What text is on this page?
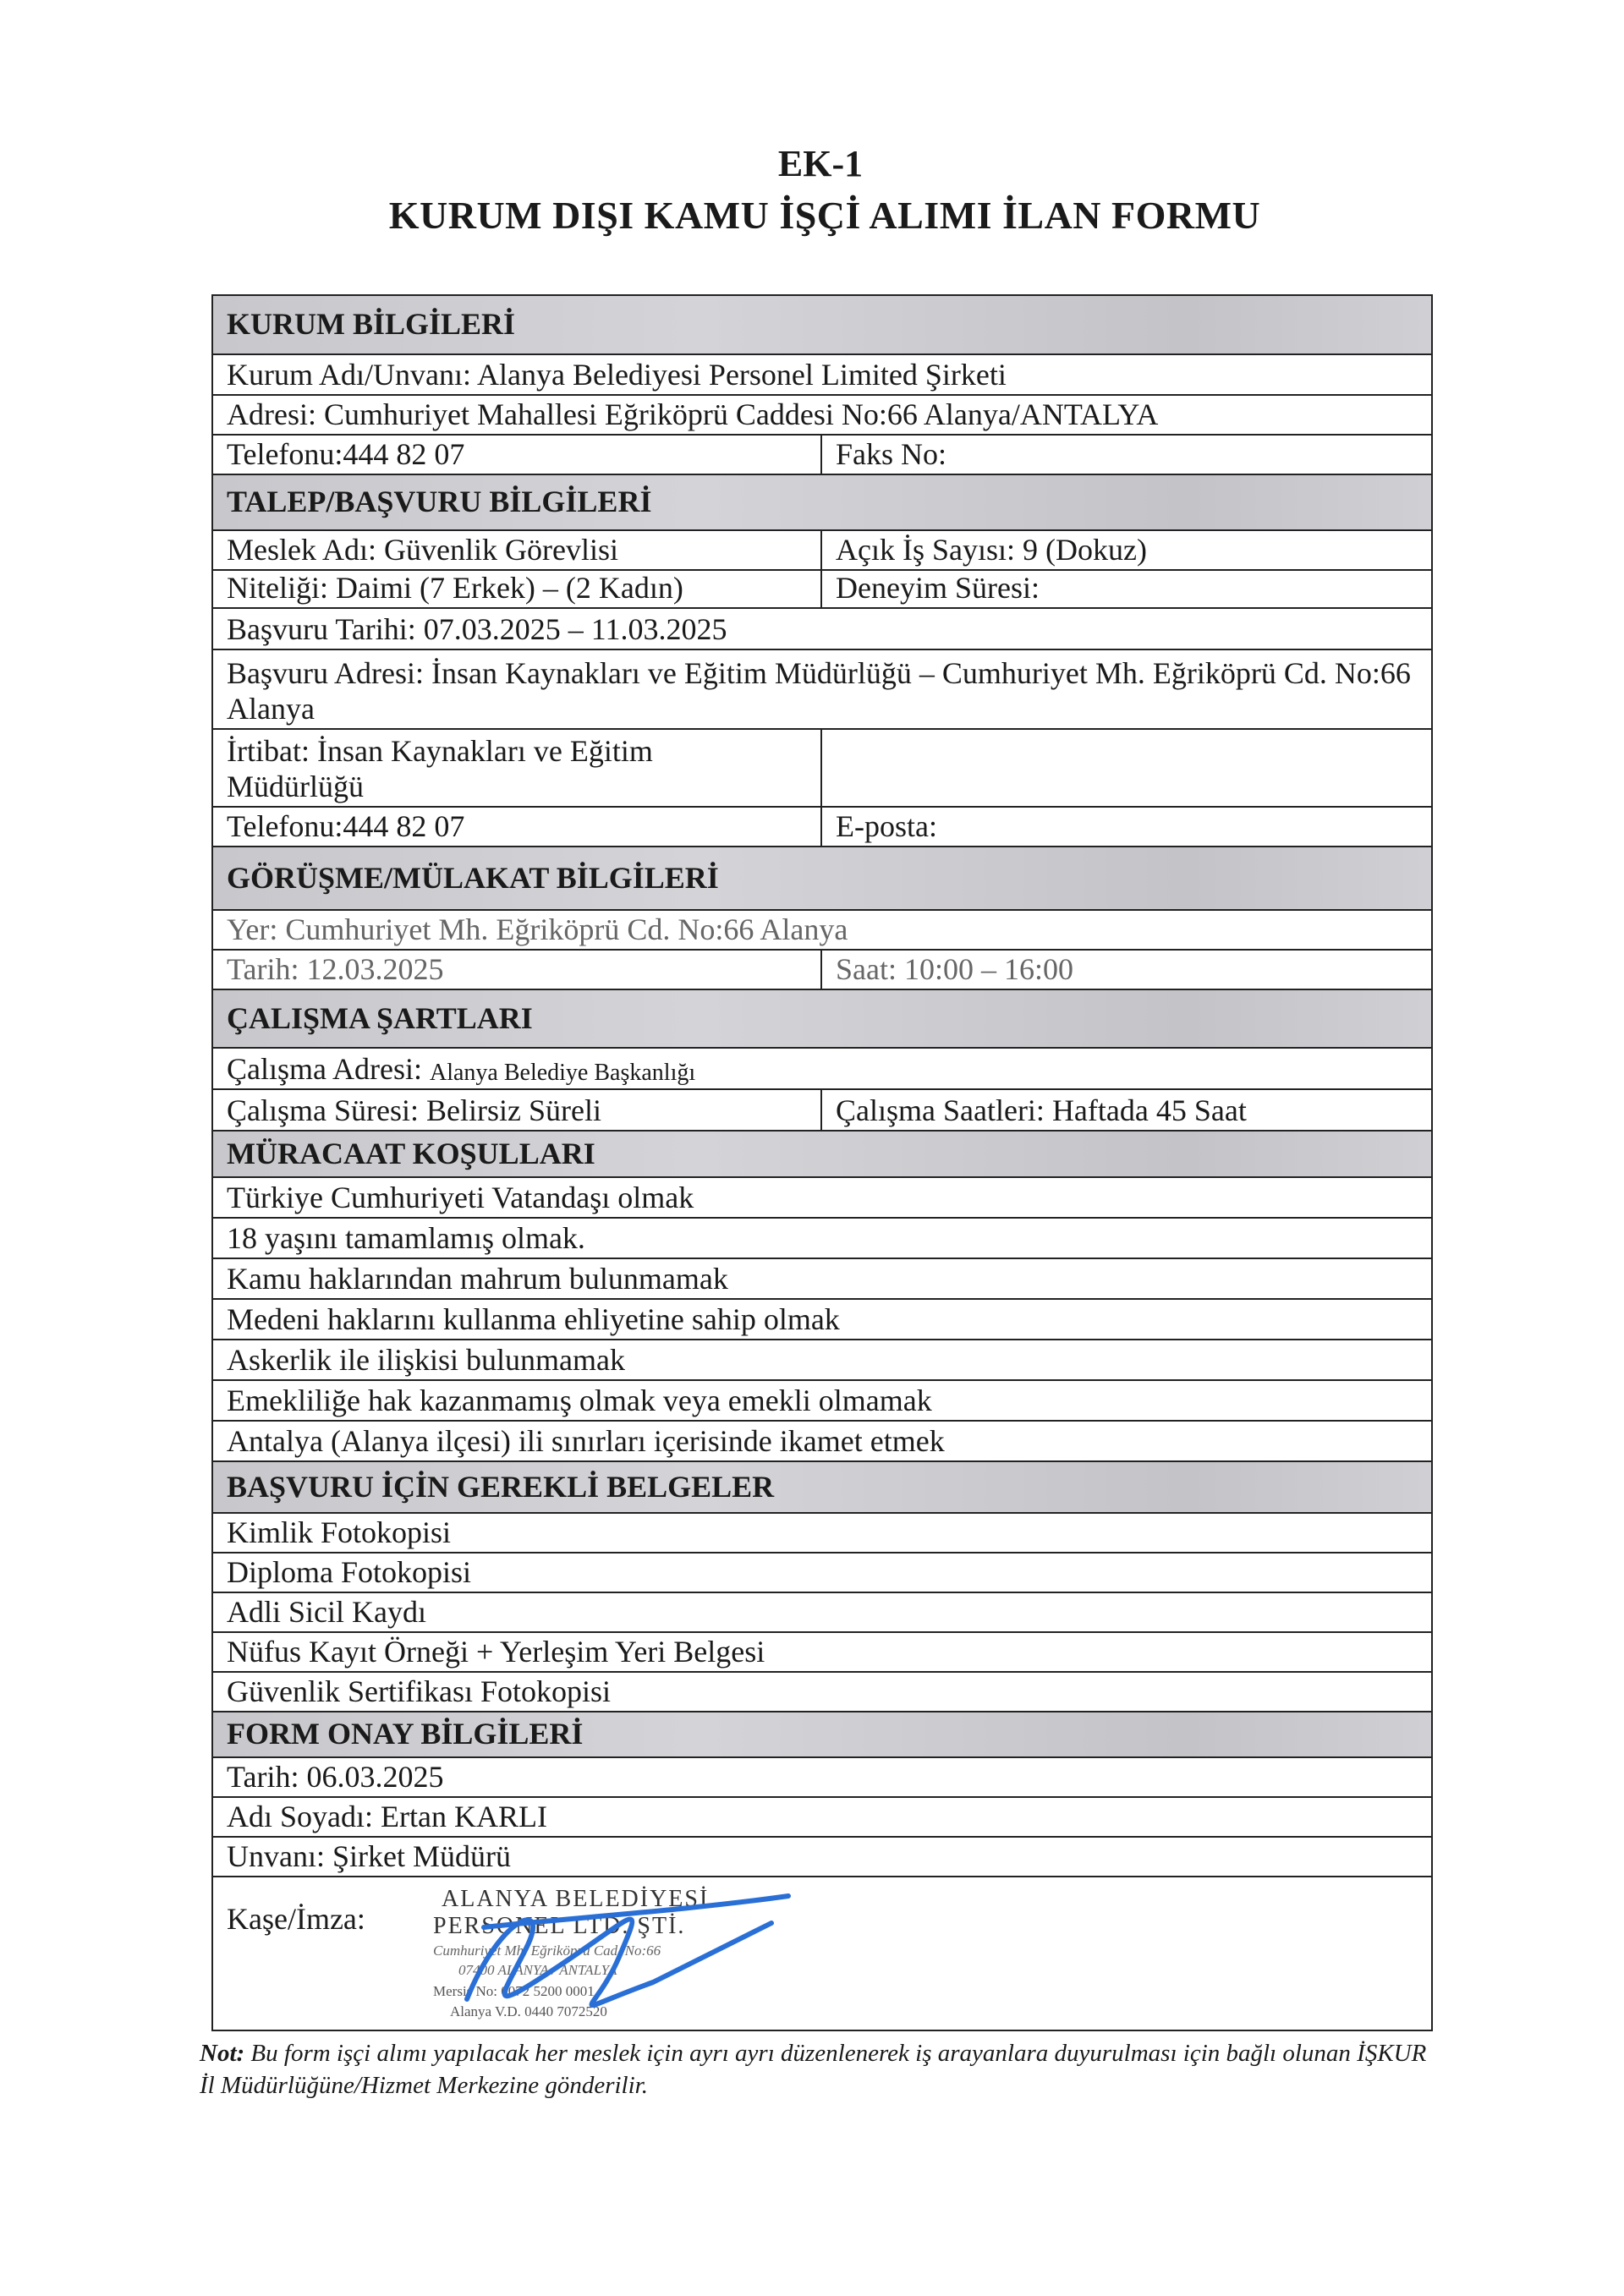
EK-1
KURUM DIŞI KAMU İŞÇİ ALIMI İLAN FORMU
KURUM BİLGİLERİ
Kurum Adı/Unvanı: Alanya Belediyesi Personel Limited Şirketi
Adresi: Cumhuriyet Mahallesi Eğriköprü Caddesi No:66 Alanya/ANTALYA
Telefonu:444 82 07	Faks No:
TALEP/BAŞVURU BİLGİLERİ
Meslek Adı: Güvenlik Görevlisi	Açık İş Sayısı: 9 (Dokuz)
Niteliği: Daimi (7 Erkek) – (2 Kadın)	Deneyim Süresi:
Başvuru Tarihi: 07.03.2025 – 11.03.2025
Başvuru Adresi: İnsan Kaynakları ve Eğitim Müdürlüğü – Cumhuriyet Mh. Eğriköprü Cd. No:66 Alanya
İrtibat: İnsan Kaynakları ve Eğitim Müdürlüğü
Telefonu:444 82 07	E-posta:
GÖRÜŞME/MÜLAKAT BİLGİLERİ
Yer: Cumhuriyet Mh. Eğriköprü Cd. No:66 Alanya
Tarih: 12.03.2025	Saat: 10:00 – 16:00
ÇALIŞMA ŞARTLARI
Çalışma Adresi:
Alanya Belediye Başkanlığı
Çalışma Süresi: Belirsiz Süreli	Çalışma Saatleri: Haftada 45 Saat
MÜRACAAT KOŞULLARI
Türkiye Cumhuriyeti Vatandaşı olmak
18 yaşını tamamlamış olmak.
Kamu haklarından mahrum bulunmamak
Medeni haklarını kullanma ehliyetine sahip olmak
Askerlik ile ilişkisi bulunmamak
Emekliliğe hak kazanmamış olmak veya emekli olmamak
Antalya (Alanya ilçesi) ili sınırları içerisinde ikamet etmek
BAŞVURU İÇİN GEREKLİ BELGELER
Kimlik Fotokopisi
Diploma Fotokopisi
Adli Sicil Kaydı
Nüfus Kayıt Örneği + Yerleşim Yeri Belgesi
Güvenlik Sertifikası Fotokopisi
FORM ONAY BİLGİLERİ
Tarih: 06.03.2025
Adı Soyadı: Ertan KARLI
Unvanı: Şirket Müdürü
Kaşe/İmza:
ALANYA BELEDİYESİ
PERSONEL LTD. ŞTİ.
Cumhuriyet Mh. Eğriköprü Cad. No:66
07400 ALANYA / ANTALYA
Mersis No: 0072 5200 0001
Alanya V.D. 0440 7072520
Not: Bu form işçi alımı yapılacak her meslek için ayrı ayrı düzenlenerek iş arayanlara duyurulması için bağlı olunan İŞKUR İl Müdürlüğüne/Hizmet Merkezine gönderilir.
